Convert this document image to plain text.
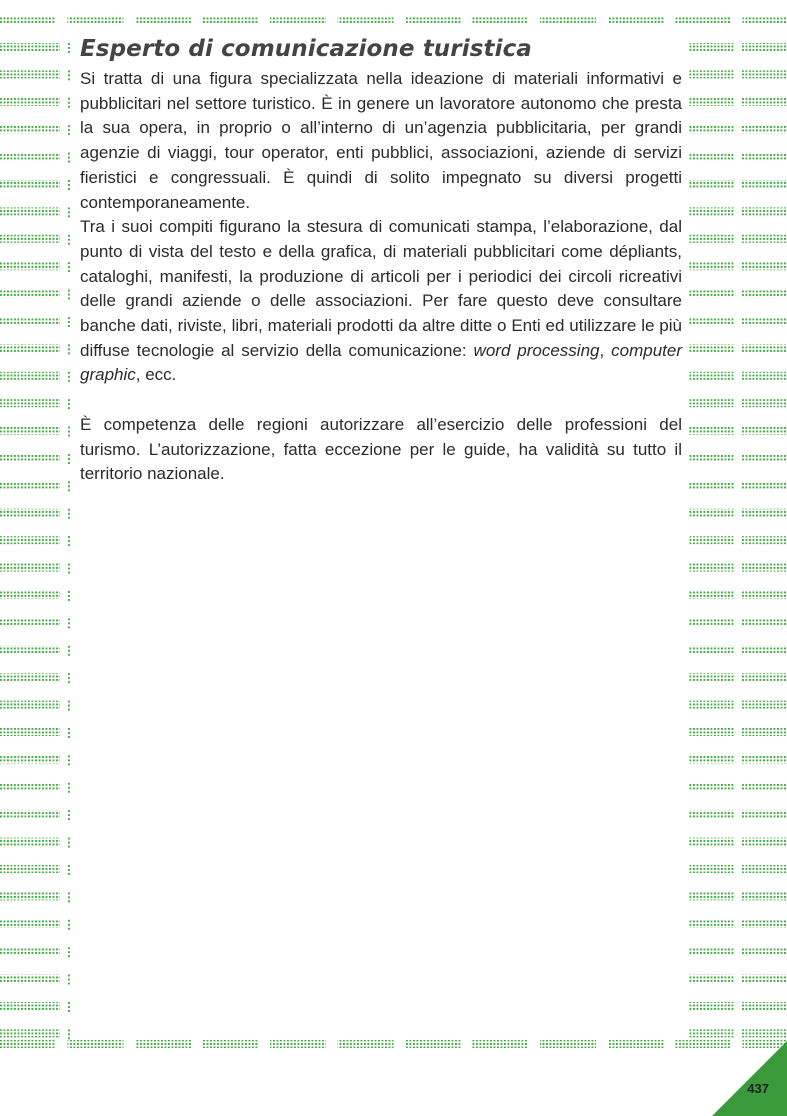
437
Esperto di comunicazione turistica

Si tratta di una figura specializzata nella ideazione di materiali informativi e pubblicitari nel settore turistico. È in genere un lavoratore autonomo che presta la sua opera, in proprio o all’interno di un’agenzia pubblicitaria, per grandi agenzie di viaggi, tour operator, enti pubblici, associazioni, aziende di servizi fieristici e congressuali. È quindi di solito impegnato su diversi progetti contemporaneamente.

Tra i suoi compiti figurano la stesura di comunicati stampa, l’elaborazione, dal punto di vista del testo e della grafica, di materiali pubblicitari come dépliants, cataloghi, manifesti, la produzione di articoli per i periodici dei circoli ricreativi delle grandi aziende o delle associazioni. Per fare questo deve consultare banche dati, riviste, libri, materiali prodotti da altre ditte o Enti ed utilizzare le più diffuse tecnologie al servizio della comunicazione: word processing, computer graphic, ecc.

È competenza delle regioni autorizzare all’esercizio delle professioni del turismo. L’autorizzazione, fatta eccezione per le guide, ha validità su tutto il territorio nazionale.
